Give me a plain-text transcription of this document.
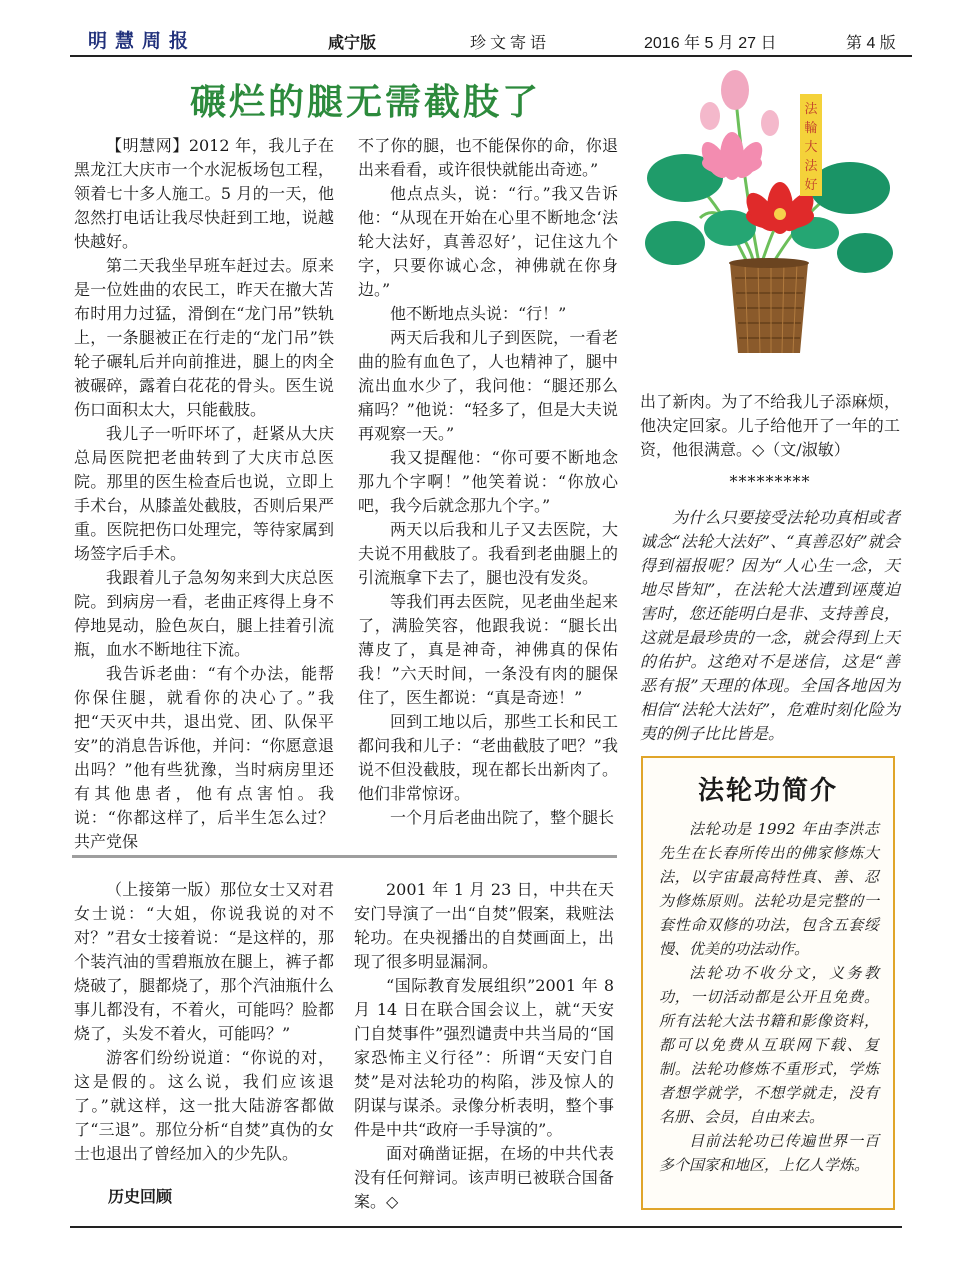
明慧周报	咸宁版	珍文寄语	2016 年 5 月 27 日	第 4 版
碾烂的腿无需截肢了

【明慧网】2012 年，我儿子在黑龙江大庆市一个水泥板场包工程，领着七十多人施工。5 月的一天，他忽然打电话让我尽快赶到工地，说越快越好。

第二天我坐早班车赶过去。原来是一位姓曲的农民工，昨天在撤大苫布时用力过猛，滑倒在“龙门吊”铁轨上，一条腿被正在行走的“龙门吊”铁轮子碾轧后并向前推进，腿上的肉全被碾碎，露着白花花的骨头。医生说伤口面积太大，只能截肢。

我儿子一听吓坏了，赶紧从大庆总局医院把老曲转到了大庆市总医院。那里的医生检查后也说，立即上手术台，从膝盖处截肢，否则后果严重。医院把伤口处理完，等待家属到场签字后手术。

我跟着儿子急匆匆来到大庆总医院。到病房一看，老曲正疼得上身不停地晃动，脸色灰白，腿上挂着引流瓶，血水不断地往下流。

我告诉老曲：“有个办法，能帮你保住腿，就看你的决心了。”我把“天灭中共，退出党、团、队保平安”的消息告诉他，并问：“你愿意退出吗？”他有些犹豫，当时病房里还有其他患者，他有点害怕。我说：“你都这样了，后半生怎么过？共产党保

不了你的腿，也不能保你的命，你退出来看看，或许很快就能出奇迹。”

他点点头，说：“行。”我又告诉他：“从现在开始在心里不断地念‘法轮大法好，真善忍好’，记住这九个字，只要你诚心念，神佛就在你身边。”

他不断地点头说：“行！”

两天后我和儿子到医院，一看老曲的脸有血色了，人也精神了，腿中流出血水少了，我问他：“腿还那么痛吗？”他说：“轻多了，但是大夫说再观察一天。”

我又提醒他：“你可要不断地念那九个字啊！”他笑着说：“你放心吧，我今后就念那九个字。”

两天以后我和儿子又去医院，大夫说不用截肢了。我看到老曲腿上的引流瓶拿下去了，腿也没有发炎。

等我们再去医院，见老曲坐起来了，满脸笑容，他跟我说：“腿长出薄皮了，真是神奇，神佛真的保佑我！”六天时间，一条没有肉的腿保住了，医生都说：“真是奇迹！”

回到工地以后，那些工长和民工都问我和儿子：“老曲截肢了吧？”我说不但没截肢，现在都长出新肉了。他们非常惊讶。

一个月后老曲出院了，整个腿长

法
輪
大
法
好

出了新肉。为了不给我儿子添麻烦，他决定回家。儿子给他开了一年的工资，他很满意。◇（文/淑敏）

*********

为什么只要接受法轮功真相或者诚念“法轮大法好”、“真善忍好”就会得到福报呢？因为“人心生一念，天地尽皆知”，在法轮大法遭到诬蔑迫害时，您还能明白是非、支持善良，这就是最珍贵的一念，就会得到上天的佑护。这绝对不是迷信，这是“善恶有报”天理的体现。全国各地因为相信“法轮大法好”，危难时刻化险为夷的例子比比皆是。

（上接第一版）那位女士又对君女士说：“大姐，你说我说的对不对？”君女士接着说：“是这样的，那个装汽油的雪碧瓶放在腿上，裤子都烧破了，腿都烧了，那个汽油瓶什么事儿都没有，不着火，可能吗？脸都烧了，头发不着火，可能吗？”

游客们纷纷说道：“你说的对，这是假的。这么说，我们应该退了。”就这样，这一批大陆游客都做了“三退”。那位分析“自焚”真伪的女士也退出了曾经加入的少先队。

历史回顾

2001 年 1 月 23 日，中共在天安门导演了一出“自焚”假案，栽赃法轮功。在央视播出的自焚画面上，出现了很多明显漏洞。

“国际教育发展组织”2001 年 8 月 14 日在联合国会议上，就“天安门自焚事件”强烈谴责中共当局的“国家恐怖主义行径”：所谓“天安门自焚”是对法轮功的构陷，涉及惊人的阴谋与谋杀。录像分析表明，整个事件是中共“政府一手导演的”。

面对确凿证据，在场的中共代表没有任何辩词。该声明已被联合国备案。◇

法轮功简介

法轮功是 1992 年由李洪志先生在长春所传出的佛家修炼大法，以宇宙最高特性真、善、忍为修炼原则。法轮功是完整的一套性命双修的功法，包含五套绥慢、优美的功法动作。

法轮功不收分文，义务教功，一切活动都是公开且免费。所有法轮大法书籍和影像资料，都可以免费从互联网下载、复制。法轮功修炼不重形式，学炼者想学就学，不想学就走，没有名册、会员，自由来去。

目前法轮功已传遍世界一百多个国家和地区，上亿人学炼。
